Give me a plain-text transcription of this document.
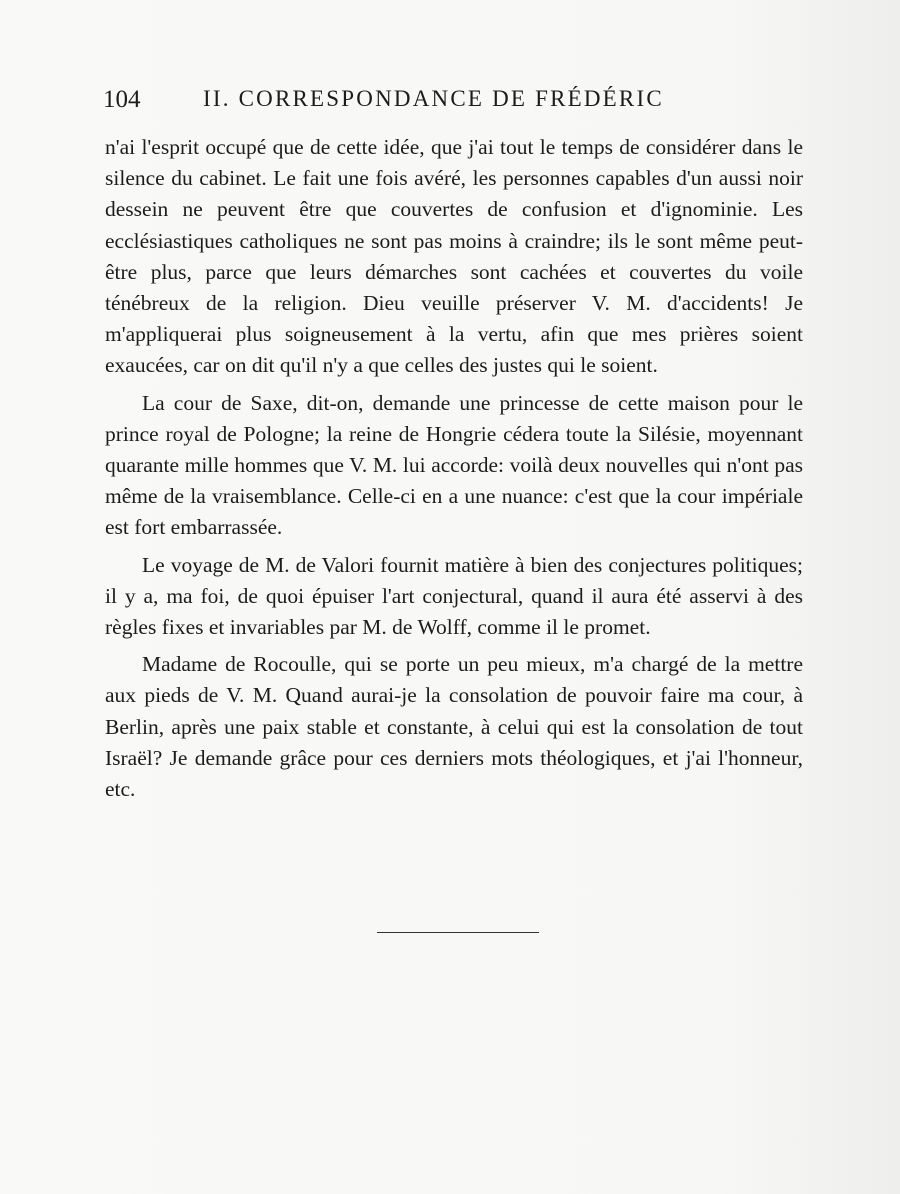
104	II. CORRESPONDANCE DE FRÉDÉRIC

n'ai l'esprit occupé que de cette idée, que j'ai tout le temps de considérer dans le silence du cabinet. Le fait une fois avéré, les personnes capables d'un aussi noir dessein ne peuvent être que couvertes de confusion et d'ignominie. Les ecclésiastiques catholiques ne sont pas moins à craindre; ils le sont même peut-être plus, parce que leurs démarches sont cachées et couvertes du voile ténébreux de la religion. Dieu veuille préserver V. M. d'accidents! Je m'appliquerai plus soigneusement à la vertu, afin que mes prières soient exaucées, car on dit qu'il n'y a que celles des justes qui le soient.

La cour de Saxe, dit-on, demande une princesse de cette maison pour le prince royal de Pologne; la reine de Hongrie cédera toute la Silésie, moyennant quarante mille hommes que V. M. lui accorde: voilà deux nouvelles qui n'ont pas même de la vraisemblance. Celle-ci en a une nuance: c'est que la cour impériale est fort embarrassée.

Le voyage de M. de Valori fournit matière à bien des conjectures politiques; il y a, ma foi, de quoi épuiser l'art conjectural, quand il aura été asservi à des règles fixes et invariables par M. de Wolff, comme il le promet.

Madame de Rocoulle, qui se porte un peu mieux, m'a chargé de la mettre aux pieds de V. M. Quand aurai-je la consolation de pouvoir faire ma cour, à Berlin, après une paix stable et constante, à celui qui est la consolation de tout Israël? Je demande grâce pour ces derniers mots théologiques, et j'ai l'honneur, etc.
